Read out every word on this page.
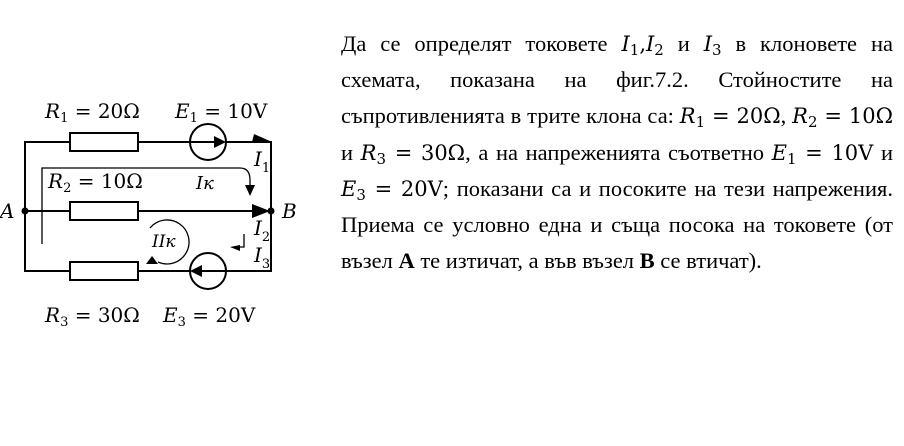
A	B
$R_1 = 20\Omega$ $E_1 = 10V$
$R_2 = 10\Omega$
$R_3 = 30\Omega$ $E_3 = 20V$
$I_1$
$I_2$
$I_3$
Iк
IIк

Да се определят токовете $I_1,I_2$ и $I_3$ в клоновете на схемата, показана на фиг.7.2. Стойностите на съпротивленията в трите клона са: $R_1 = 20\Omega$, $R_2 = 10\Omega$ и $R_3 = 30\Omega$, а на напреженията съответно $E_1 = 10V$ и $E_3 = 20V$; показани са и посоките на тези напрежения. Приема се условно една и съща посока на токовете (от възел A те изтичат, а във възел B се втичат).
